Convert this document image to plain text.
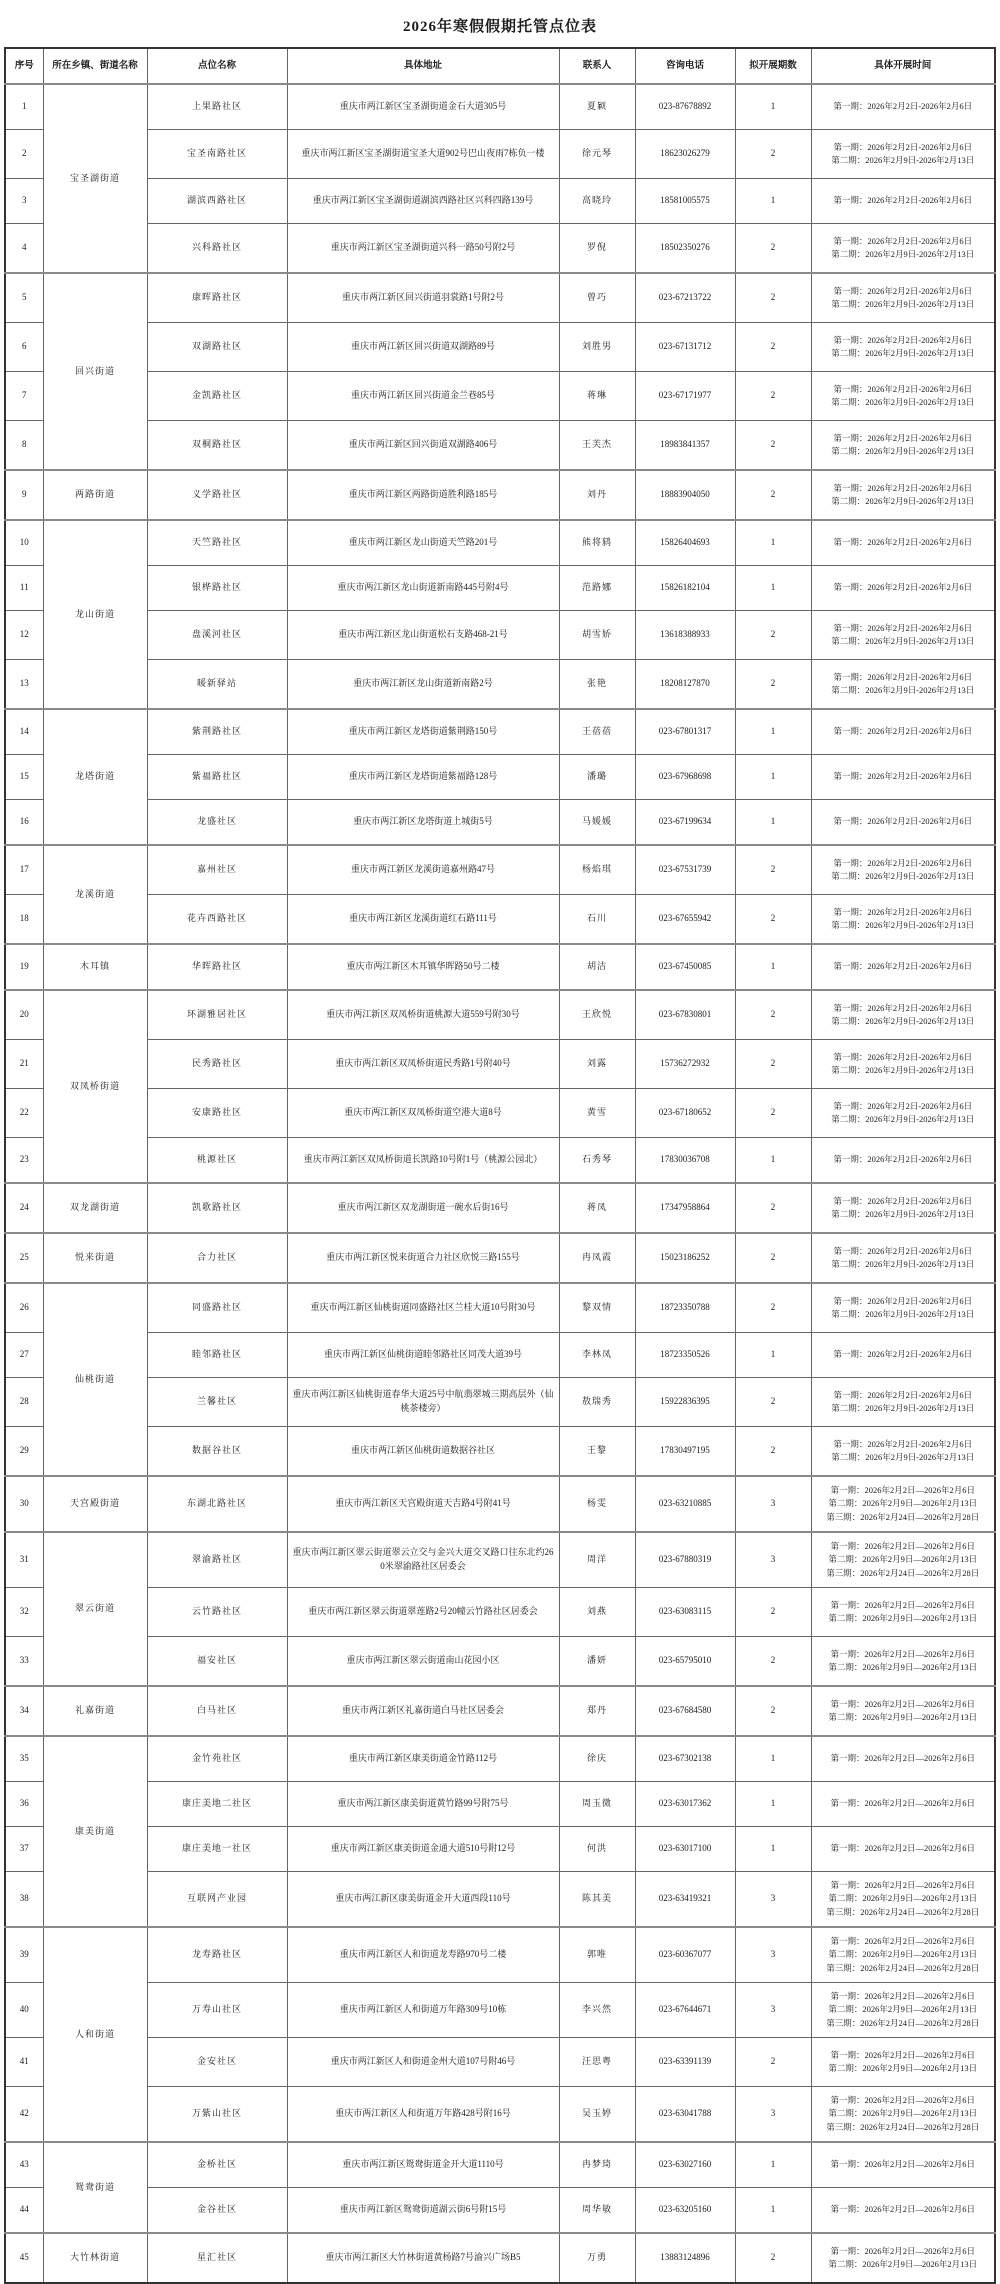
2026年寒假假期托管点位表
序号	所在乡镇、街道名称	点位名称	具体地址	联系人	咨询电话	拟开展期数	具体开展时间
1	宝圣湖街道	上果路社区	重庆市两江新区宝圣湖街道金石大道305号	夏颖	023-87678892	1	第一期：2026年2月2日-2026年2月6日

2		宝圣南路社区	重庆市两江新区宝圣湖街道宝圣大道902号巴山夜雨7栋负一楼	徐元琴	18623026279	2	第一期：2026年2月2日-2026年2月6日
第二期：2026年2月9日-2026年2月13日

3		湖滨西路社区	重庆市两江新区宝圣湖街道湖滨西路社区兴科四路139号	高晓玲	18581005575	1	第一期：2026年2月2日-2026年2月6日

4		兴科路社区	重庆市两江新区宝圣湖街道兴科一路50号附2号	罗倪	18502350276	2	第一期：2026年2月2日-2026年2月6日
第二期：2026年2月9日-2026年2月13日

5	回兴街道	康晖路社区	重庆市两江新区回兴街道羽裳路1号附2号	曾巧	023-67213722	2	第一期：2026年2月2日-2026年2月6日
第二期：2026年2月9日-2026年2月13日

6		双湖路社区	重庆市两江新区回兴街道双湖路89号	刘胜男	023-67131712	2	第一期：2026年2月2日-2026年2月6日
第二期：2026年2月9日-2026年2月13日

7		金凯路社区	重庆市两江新区回兴街道金兰巷85号	蒋琳	023-67171977	2	第一期：2026年2月2日-2026年2月6日
第二期：2026年2月9日-2026年2月13日

8		双桐路社区	重庆市两江新区回兴街道双湖路406号	王芙杰	18983841357	2	第一期：2026年2月2日-2026年2月6日
第二期：2026年2月9日-2026年2月13日

9	两路街道	义学路社区	重庆市两江新区两路街道胜利路185号	刘丹	18883904050	2	第一期：2026年2月2日-2026年2月6日
第二期：2026年2月9日-2026年2月13日

10	龙山街道	天竺路社区	重庆市两江新区龙山街道天竺路201号	熊将鸫	15826404693	1	第一期：2026年2月2日-2026年2月6日

11		银桦路社区	重庆市两江新区龙山街道新南路445号附4号	范路娜	15826182104	1	第一期：2026年2月2日-2026年2月6日

12		盘溪河社区	重庆市两江新区龙山街道松石支路468-21号	胡雪娇	13618388933	2	第一期：2026年2月2日-2026年2月6日
第二期：2026年2月9日-2026年2月13日

13		暖新驿站	重庆市两江新区龙山街道新南路2号	张艳	18208127870	2	第一期：2026年2月2日-2026年2月6日
第二期：2026年2月9日-2026年2月13日

14	龙塔街道	紫荆路社区	重庆市两江新区龙塔街道紫荆路150号	王蓓蓓	023-67801317	1	第一期：2026年2月2日-2026年2月6日

15		紫福路社区	重庆市两江新区龙塔街道紫福路128号	潘璐	023-67968698	1	第一期：2026年2月2日-2026年2月6日

16		龙盛社区	重庆市两江新区龙塔街道上城街5号	马媛媛	023-67199634	1	第一期：2026年2月2日-2026年2月6日

17	龙溪街道	嘉州社区	重庆市两江新区龙溪街道嘉州路47号	杨焰琪	023-67531739	2	第一期：2026年2月2日-2026年2月6日
第二期：2026年2月9日-2026年2月13日

18		花卉西路社区	重庆市两江新区龙溪街道红石路111号	石川	023-67655942	2	第一期：2026年2月2日-2026年2月6日
第二期：2026年2月9日-2026年2月13日

19	木耳镇	华晖路社区	重庆市两江新区木耳镇华晖路50号二楼	胡洁	023-67450085	1	第一期：2026年2月2日-2026年2月6日

20	双凤桥街道	环湖雅居社区	重庆市两江新区双凤桥街道桃源大道559号附30号	王欣悦	023-67830801	2	第一期：2026年2月2日-2026年2月6日
第二期：2026年2月9日-2026年2月13日

21		民秀路社区	重庆市两江新区双凤桥街道民秀路1号附40号	刘露	15736272932	2	第一期：2026年2月2日-2026年2月6日
第二期：2026年2月9日-2026年2月13日

22		安康路社区	重庆市两江新区双凤桥街道空港大道8号	黄雪	023-67180652	2	第一期：2026年2月2日-2026年2月6日
第二期：2026年2月9日-2026年2月13日

23		桃源社区	重庆市两江新区双凤桥街道长凯路10号附1号（桃源公园北）	石秀琴	17830036708	1	第一期：2026年2月2日-2026年2月6日

24	双龙湖街道	凯歌路社区	重庆市两江新区双龙湖街道一碗水后街16号	蒋凤	17347958864	2	第一期：2026年2月2日-2026年2月6日
第二期：2026年2月9日-2026年2月13日

25	悦来街道	合力社区	重庆市两江新区悦来街道合力社区欣悦三路155号	冉凤霞	15023186252	2	第一期：2026年2月2日-2026年2月6日
第二期：2026年2月9日-2026年2月13日

26	仙桃街道	同盛路社区	重庆市两江新区仙桃街道同盛路社区兰桂大道10号附30号	黎双情	18723350788	2	第一期：2026年2月2日-2026年2月6日
第二期：2026年2月9日-2026年2月13日

27		睦邻路社区	重庆市两江新区仙桃街道睦邻路社区同茂大道39号	李林凤	18723350526	1	第一期：2026年2月2日-2026年2月6日

28		兰馨社区	重庆市两江新区仙桃街道春华大道25号中航翡翠城三期高层外（仙桃茶楼旁）	敖瑞秀	15922836395	2	第一期：2026年2月2日-2026年2月6日
第二期：2026年2月9日-2026年2月13日

29		数据谷社区	重庆市两江新区仙桃街道数据谷社区	王黎	17830497195	2	第一期：2026年2月2日-2026年2月6日
第二期：2026年2月9日-2026年2月13日

30	天宫殿街道	东湖北路社区	重庆市两江新区天宫殿街道天吉路4号附41号	杨雯	023-63210885	3	第一期：2026年2月2日—2026年2月6日
第二期：2026年2月9日—2026年2月13日
第三期：2026年2月24日—2026年2月28日

31	翠云街道	翠渝路社区	重庆市两江新区翠云街道翠云立交与金兴大道交叉路口往东北约260米翠渝路社区居委会	周洋	023-67880319	3	第一期：2026年2月2日—2026年2月6日
第二期：2026年2月9日—2026年2月13日
第三期：2026年2月24日—2026年2月28日

32		云竹路社区	重庆市两江新区翠云街道翠莲路2号20幢云竹路社区居委会	刘燕	023-63083115	2	第一期：2026年2月2日—2026年2月6日
第二期：2026年2月9日—2026年2月13日

33		福安社区	重庆市两江新区翠云街道南山花园小区	潘妍	023-65795010	2	第一期：2026年2月2日—2026年2月6日
第二期：2026年2月9日—2026年2月13日

34	礼嘉街道	白马社区	重庆市两江新区礼嘉街道白马社区居委会	郑丹	023-67684580	2	第一期：2026年2月2日—2026年2月6日
第二期：2026年2月9日—2026年2月13日

35	康美街道	金竹苑社区	重庆市两江新区康美街道金竹路112号	徐庆	023-67302138	1	第一期：2026年2月2日—2026年2月6日

36		康庄美地二社区	重庆市两江新区康美街道黄竹路99号附75号	周玉微	023-63017362	1	第一期：2026年2月2日—2026年2月6日

37		康庄美地一社区	重庆市两江新区康美街道金通大道510号附12号	何洪	023-63017100	1	第一期：2026年2月2日—2026年2月6日

38		互联网产业园	重庆市两江新区康美街道金开大道西段110号	陈其美	023-63419321	3	第一期：2026年2月2日—2026年2月6日
第二期：2026年2月9日—2026年2月13日
第三期：2026年2月24日—2026年2月28日

39	人和街道	龙寿路社区	重庆市两江新区人和街道龙寿路970号二楼	郭唯	023-60367077	3	第一期：2026年2月2日—2026年2月6日
第二期：2026年2月9日—2026年2月13日
第三期：2026年2月24日—2026年2月28日

40		万寿山社区	重庆市两江新区人和街道万年路309号10栋	李兴然	023-67644671	3	第一期：2026年2月2日—2026年2月6日
第二期：2026年2月9日—2026年2月13日
第三期：2026年2月24日—2026年2月28日

41		金安社区	重庆市两江新区人和街道金州大道107号附46号	汪思粤	023-63391139	2	第一期：2026年2月2日—2026年2月6日
第二期：2026年2月9日—2026年2月13日

42		万紫山社区	重庆市两江新区人和街道万年路428号附16号	吴玉婷	023-63041788	3	第一期：2026年2月2日—2026年2月6日
第二期：2026年2月9日—2026年2月13日
第三期：2026年2月24日—2026年2月28日

43	鸳鸯街道	金桥社区	重庆市两江新区鸳鸯街道金开大道1110号	冉梦琦	023-63027160	1	第一期：2026年2月2日—2026年2月6日

44		金谷社区	重庆市两江新区鸳鸯街道湖云街6号附15号	周华敏	023-63205160	1	第一期：2026年2月2日—2026年2月6日

45	大竹林街道	星汇社区	重庆市两江新区大竹林街道黄杨路7号渝兴广场B5	万勇	13883124896	2	第一期：2026年2月2日—2026年2月6日
第二期：2026年2月9日—2026年2月13日
